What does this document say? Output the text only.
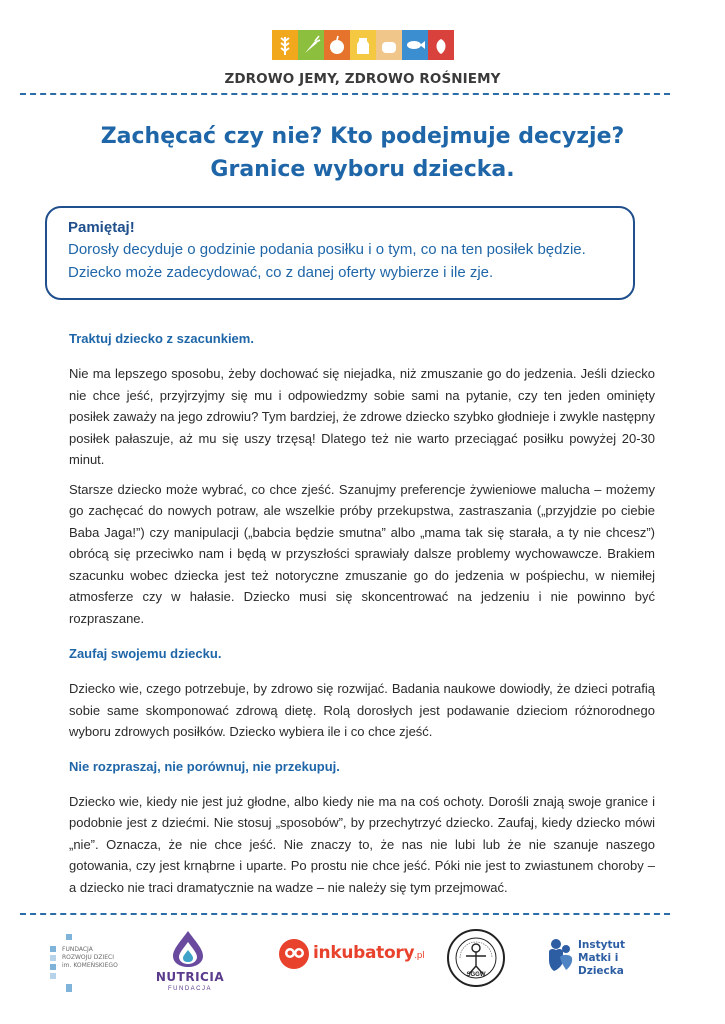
ZDROWO JEMY, ZDROWO ROŚNIEMY
Zachęcać czy nie? Kto podejmuje decyzje? Granice wyboru dziecka.
Pamiętaj!
Dorosły decyduje o godzinie podania posiłku i o tym, co na ten posiłek będzie.
Dziecko może zadecydować, co z danej oferty wybierze i ile zje.
Traktuj dziecko z szacunkiem.

Nie ma lepszego sposobu, żeby dochować się niejadka, niż zmuszanie go do jedzenia. Jeśli dziecko nie chce jeść, przyjrzyjmy się mu i odpowiedzmy sobie sami na pytanie, czy ten jeden ominięty posiłek zaważy na jego zdrowiu? Tym bardziej, że zdrowe dziecko szybko głodnieje i zwykle następny posiłek pałaszuje, aż mu się uszy trzęsą! Dlatego też nie warto przeciągać posiłku powyżej 20-30 minut.

Starsze dziecko może wybrać, co chce zjeść. Szanujmy preferencje żywieniowe malucha – możemy go zachęcać do nowych potraw, ale wszelkie próby przekupstwa, zastraszania („przyjdzie po ciebie Baba Jaga!”) czy manipulacji („babcia będzie smutna” albo „mama tak się starała, a ty nie chcesz”) obrócą się przeciwko nam i będą w przyszłości sprawiały dalsze problemy wychowawcze. Brakiem szacunku wobec dziecka jest też notoryczne zmuszanie go do jedzenia w pośpiechu, w niemiłej atmosferze czy w hałasie. Dziecko musi się skoncentrować na jedzeniu i nie powinno być rozpraszane.

Zaufaj swojemu dziecku.

Dziecko wie, czego potrzebuje, by zdrowo się rozwijać. Badania naukowe dowiodły, że dzieci potrafią sobie same skomponować zdrową dietę. Rolą dorosłych jest podawanie dzieciom różnorodnego wyboru zdrowych posiłków. Dziecko wybiera ile i co chce zjeść.

Nie rozpraszaj, nie porównuj, nie przekupuj.

Dziecko wie, kiedy nie jest już głodne, albo kiedy nie ma na coś ochoty. Dorośli znają swoje granice i podobnie jest z dziećmi. Nie stosuj „sposobów”, by przechytrzyć dziecko. Zaufaj, kiedy dziecko mówi „nie”. Oznacza, że nie chce jeść. Nie znaczy to, że nas nie lubi lub że nie szanuje naszego gotowania, czy jest krnąbrne i uparte. Po prostu nie chce jeść. Póki nie jest to zwiastunem choroby – a dziecko nie traci dramatycznie na wadze – nie należy się tym przejmować.

FUNDACJA
ROZWOJU DZIECI
im. KOMEŃSKIEGO
NUTRICIA
FUNDACJA
inkubatory.pl
SGGW
Instytut
Matki i Dziecka
